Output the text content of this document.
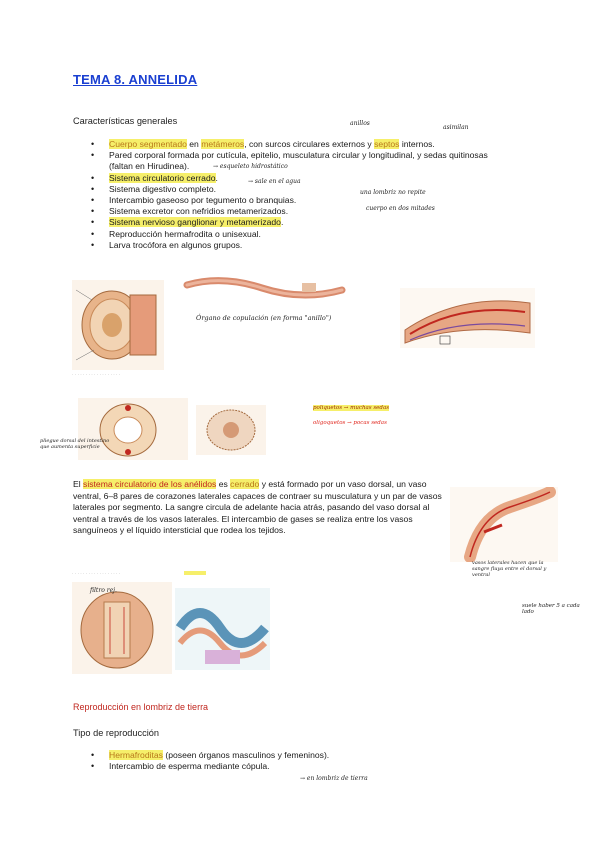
TEMA 8. ANNELIDA
Características generales
• Cuerpo segmentado en metámeros, con surcos circulares externos y septos internos.
• Pared corporal formada por cutícula, epitelio, musculatura circular y longitudinal, y sedas quitinosas (faltan en Hirudinea).
• Sistema circulatorio cerrado.
• Sistema digestivo completo.
• Intercambio gaseoso por tegumento o branquias.
• Sistema excretor con nefridios metamerizados.
• Sistema nervioso ganglionar y metamerizado.
• Reproducción hermafrodita o unisexual.
• Larva trocófora en algunos grupos.
anillos
asimilan
→ esqueleto hidrostático
→ sale en el agua
una lombriz no repite
cuerpo en dos mitades
· · · · · · · · · · · · · · · · · ·
Órgano de copulación (en forma "anillo")
pliegue dorsal del intestino que aumenta superficie
poliquetos → muchas sedas
oligoquetos → pocas sedas
El sistema circulatorio de los anélidos es cerrado y está formado por un vaso dorsal, un vaso ventral, 6–8 pares de corazones laterales capaces de contraer su musculatura y un par de vasos laterales por segmento. La sangre circula de adelante hacia atrás, pasando del vaso dorsal al ventral a través de los vasos laterales. El intercambio de gases se realiza entre los vasos sanguíneos y el líquido intersticial que rodea los tejidos.
vasos laterales hacen que la sangre fluya entre el dorsal y ventral
suele haber 5 a cada lado
· · · · · · · · · · · · · · · · · ·
filtro rej.
Reproducción en lombriz de tierra
Tipo de reproducción
• Hermafroditas (poseen órganos masculinos y femeninos).
• Intercambio de esperma mediante cópula.
→ en lombriz de tierra
